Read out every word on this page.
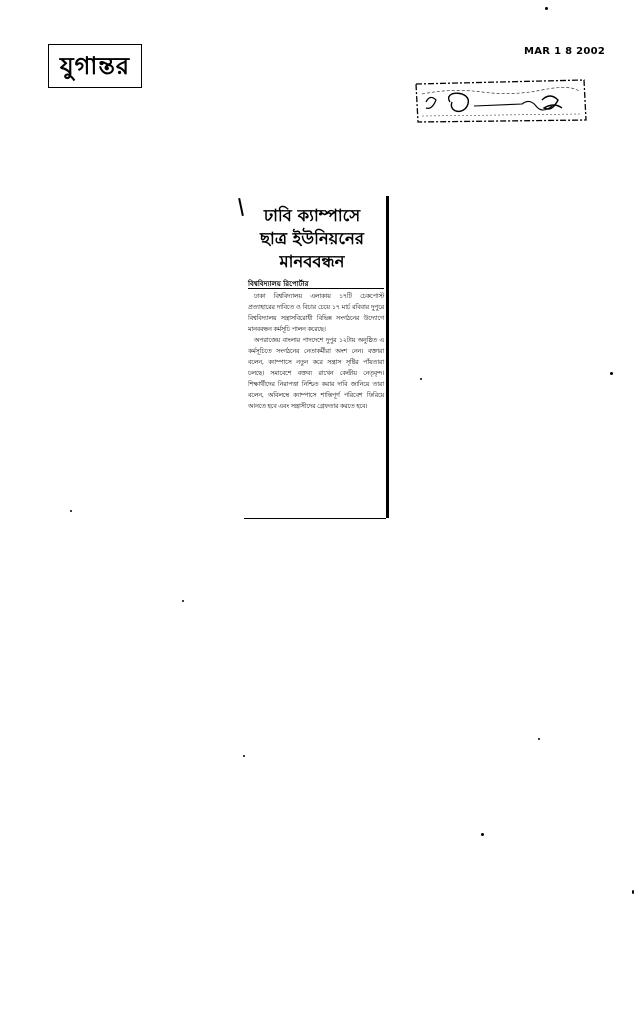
যুগান্তর	MAR 1 8 2002
ঢাবি ক্যাম্পাসে
ছাত্র ইউনিয়নের
মানববন্ধন
বিশ্ববিদ্যালয় রিপোর্টার

ঢাকা বিশ্ববিদ্যালয় এলাকায় ১৭টি চেকপোস্ট প্রত্যাহারের দাবিতে ও বিচার চেয়ে ১৭ মার্চ রবিবার দুপুরে বিশ্ববিদ্যালয় সন্ত্রাসবিরোধী বিভিন্ন সংগঠনের উদ্যোগে মানববন্ধন কর্মসূচি পালন করেছে।

অপরাজেয় বাংলার পাদদেশে দুপুর ১২টায় অনুষ্ঠিত এ কর্মসূচিতে সংগঠনের নেতাকর্মীরা অংশ নেন। বক্তারা বলেন, ক্যাম্পাসে নতুন করে সন্ত্রাস সৃষ্টির পাঁয়তারা চলছে। সমাবেশে বক্তব্য রাখেন কেন্দ্রীয় নেতৃবৃন্দ। শিক্ষার্থীদের নিরাপত্তা নিশ্চিত করার দাবি জানিয়ে তারা বলেন, অবিলম্বে ক্যাম্পাসে শান্তিপূর্ণ পরিবেশ ফিরিয়ে আনতে হবে এবং সন্ত্রাসীদের গ্রেফতার করতে হবে।
